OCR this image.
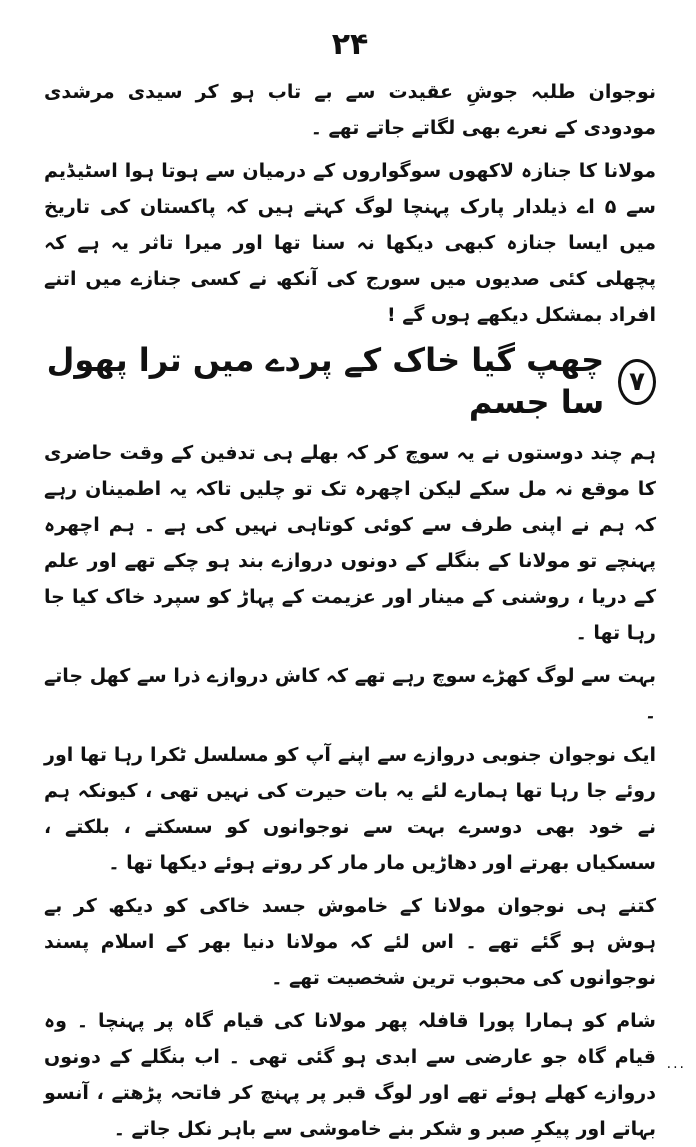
۲۴

نوجوان طلبہ جوشِ عقیدت سے بے تاب ہو کر سیدی مرشدی مودودی کے نعرے بھی لگاتے جاتے تھے ۔

مولانا کا جنازہ لاکھوں سوگواروں کے درمیان سے ہوتا ہوا اسٹیڈیم سے ۵ اے ذیلدار پارک پہنچا لوگ کہتے ہیں کہ پاکستان کی تاریخ میں ایسا جنازہ کبھی دیکھا نہ سنا تھا اور میرا تاثر یہ ہے کہ پچھلی کئی صدیوں میں سورج کی آنکھ نے کسی جنازے میں اتنے افراد بمشکل دیکھے ہوں گے !

۷
چھپ گیا خاک کے پردے میں ترا پھول سا جسم

ہم چند دوستوں نے یہ سوچ کر کہ بھلے ہی تدفین کے وقت حاضری کا موقع نہ مل سکے لیکن اچھرہ تک تو چلیں تاکہ یہ اطمینان رہے کہ ہم نے اپنی طرف سے کوئی کوتاہی نہیں کی ہے ۔ ہم اچھرہ پہنچے تو مولانا کے بنگلے کے دونوں دروازے بند ہو چکے تھے اور علم کے دریا ، روشنی کے مینار اور عزیمت کے پہاڑ کو سپرد خاک کیا جا رہا تھا ۔

بہت سے لوگ کھڑے سوچ رہے تھے کہ کاش دروازے ذرا سے کھل جاتے ۔

ایک نوجوان جنوبی دروازے سے اپنے آپ کو مسلسل ٹکرا رہا تھا اور روئے جا رہا تھا ہمارے لئے یہ بات حیرت کی نہیں تھی ، کیونکہ ہم نے خود بھی دوسرے بہت سے نوجوانوں کو سسکتے ، بلکتے ، سسکیاں بھرتے اور دھاڑیں مار مار کر روتے ہوئے دیکھا تھا ۔

کتنے ہی نوجوان مولانا کے خاموش جسد خاکی کو دیکھ کر بے ہوش ہو گئے تھے ۔ اس لئے کہ مولانا دنیا بھر کے اسلام پسند نوجوانوں کی محبوب ترین شخصیت تھے ۔

شام کو ہمارا پورا قافلہ پھر مولانا کی قیام گاہ پر پہنچا ۔ وہ قیام گاہ جو عارضی سے ابدی ہو گئی تھی ۔ اب بنگلے کے دونوں دروازے کھلے ہوئے تھے اور لوگ قبر پر پہنچ کر فاتحہ پڑھتے ، آنسو بہاتے اور پیکرِ صبر و شکر بنے خاموشی سے باہر نکل جاتے ۔

...
